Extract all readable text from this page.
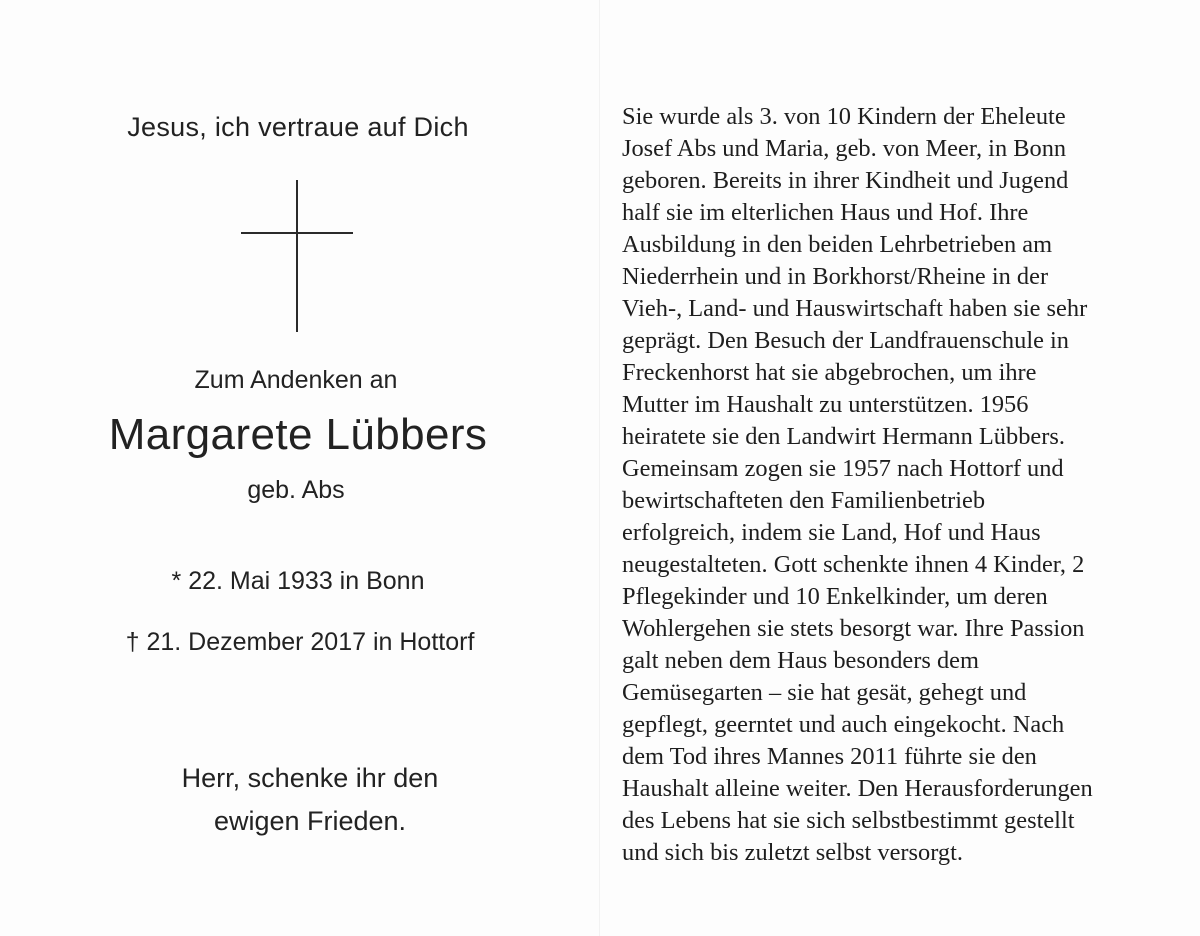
Jesus, ich vertraue auf Dich
Zum Andenken an
Margarete Lübbers
geb. Abs
* 22. Mai 1933 in Bonn
† 21. Dezember 2017 in Hottorf
Herr, schenke ihr den
ewigen Frieden.
Sie wurde als 3. von 10 Kindern der Eheleute
Josef Abs und Maria, geb. von Meer, in Bonn
geboren. Bereits in ihrer Kindheit und Jugend
half sie im elterlichen Haus und Hof. Ihre
Ausbildung in den beiden Lehrbetrieben am
Niederrhein und in Borkhorst/Rheine in der
Vieh-, Land- und Hauswirtschaft haben sie sehr
geprägt. Den Besuch der Landfrauenschule in
Freckenhorst hat sie abgebrochen, um ihre
Mutter im Haushalt zu unterstützen. 1956
heiratete sie den Landwirt Hermann Lübbers.
Gemeinsam zogen sie 1957 nach Hottorf und
bewirtschafteten den Familienbetrieb
erfolgreich, indem sie Land, Hof und Haus
neugestalteten. Gott schenkte ihnen 4 Kinder, 2
Pflegekinder und 10 Enkelkinder, um deren
Wohlergehen sie stets besorgt war. Ihre Passion
galt neben dem Haus besonders dem
Gemüsegarten – sie hat gesät, gehegt und
gepflegt, geerntet und auch eingekocht. Nach
dem Tod ihres Mannes 2011 führte sie den
Haushalt alleine weiter. Den Herausforderungen
des Lebens hat sie sich selbstbestimmt gestellt
und sich bis zuletzt selbst versorgt.
